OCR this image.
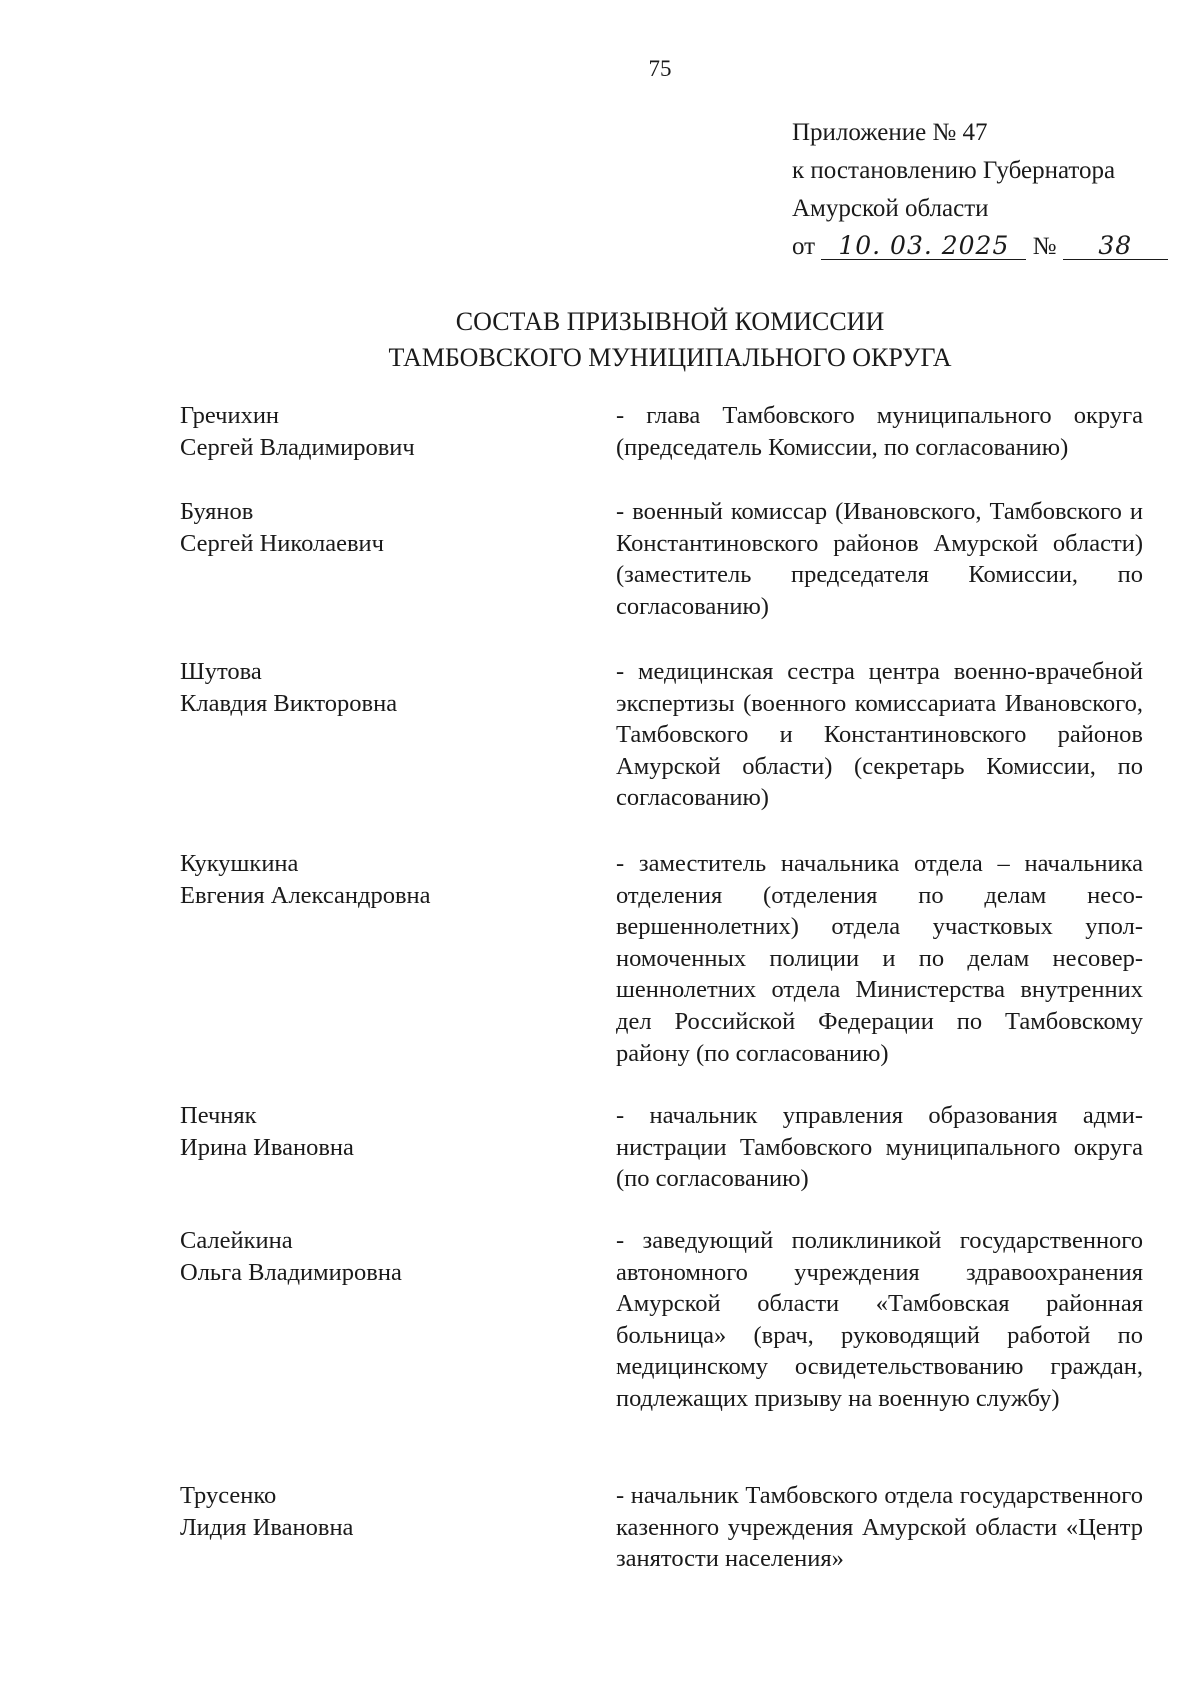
75
Приложение № 47
к постановлению Губернатора
Амурской области
от 10. 03. 2025 № 38
СОСТАВ ПРИЗЫВНОЙ КОМИССИИ
ТАМБОВСКОГО МУНИЦИПАЛЬНОГО ОКРУГА
Гречихин
Сергей Владимирович
- глава Тамбовского муниципального округа (председатель Комиссии, по согласованию)
Буянов
Сергей Николаевич
- военный комиссар (Ивановского, Тамбовского и Константиновского районов Амурской области) (заместитель председателя Комиссии, по согласованию)
Шутова
Клавдия Викторовна
- медицинская сестра центра военно-врачебной экспертизы (военного комиссариата Ивановского, Тамбовского и Константиновского районов Амурской области) (секретарь Комиссии, по согласованию)
Кукушкина
Евгения Александровна
- заместитель начальника отдела – начальника отделения (отделения по делам несовершеннолетних) отдела участковых уполномоченных полиции и по делам несовершеннолетних отдела Министерства внутренних дел Российской Федерации по Тамбовскому району (по согласованию)
Печняк
Ирина Ивановна
- начальник управления образования администрации Тамбовского муниципального округа (по согласованию)
Салейкина
Ольга Владимировна
- заведующий поликлиникой государственного автономного учреждения здравоохранения Амурской области «Тамбовская районная больница» (врач, руководящий работой по медицинскому освидетельствованию граждан, подлежащих призыву на военную службу)
Трусенко
Лидия Ивановна
- начальник Тамбовского отдела государственного казенного учреждения Амурской области «Центр занятости населения»
